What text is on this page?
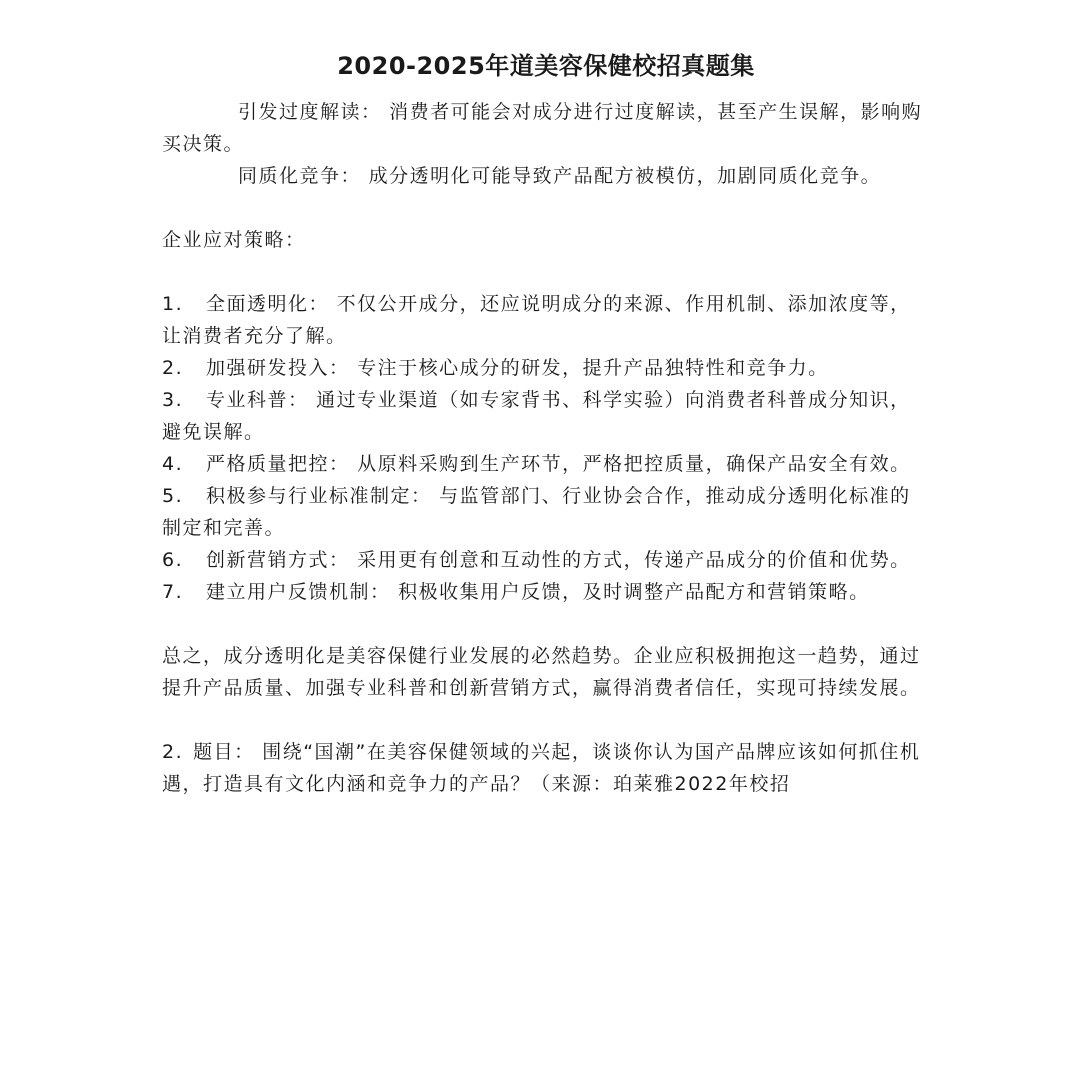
2020-2025年道美容保健校招真题集

引发过度解读： 消费者可能会对成分进行过度解读，甚至产生误解，影响购买决策。

同质化竞争： 成分透明化可能导致产品配方被模仿，加剧同质化竞争。

企业应对策略：

1. 全面透明化： 不仅公开成分，还应说明成分的来源、作用机制、添加浓度等，让消费者充分了解。

2. 加强研发投入： 专注于核心成分的研发，提升产品独特性和竞争力。

3. 专业科普： 通过专业渠道（如专家背书、科学实验）向消费者科普成分知识，避免误解。

4. 严格质量把控： 从原料采购到生产环节，严格把控质量，确保产品安全有效。

5. 积极参与行业标准制定： 与监管部门、行业协会合作，推动成分透明化标准的制定和完善。

6. 创新营销方式： 采用更有创意和互动性的方式，传递产品成分的价值和优势。

7. 建立用户反馈机制： 积极收集用户反馈，及时调整产品配方和营销策略。

总之，成分透明化是美容保健行业发展的必然趋势。企业应积极拥抱这一趋势，通过提升产品质量、加强专业科普和创新营销方式，赢得消费者信任，实现可持续发展。

2. 题目： 围绕“国潮”在美容保健领域的兴起，谈谈你认为国产品牌应该如何抓住机遇，打造具有文化内涵和竞争力的产品？（来源：珀莱雅2022年校招
